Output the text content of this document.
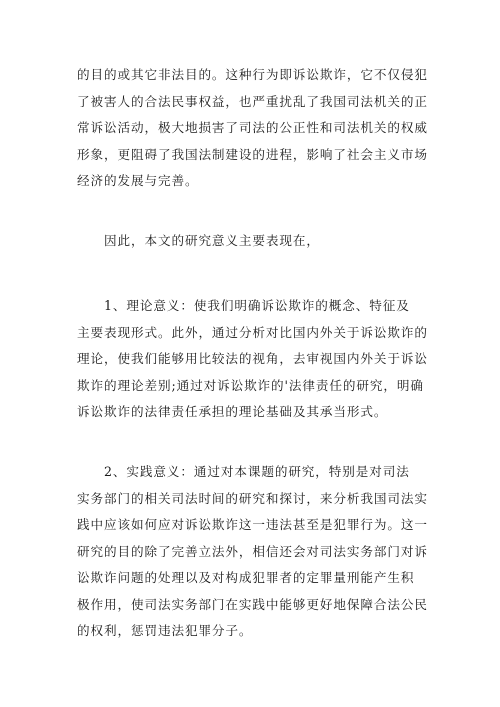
的目的或其它非法目的。这种行为即诉讼欺诈，它不仅侵犯
了被害人的合法民事权益，也严重扰乱了我国司法机关的正
常诉讼活动，极大地损害了司法的公正性和司法机关的权威
形象，更阻碍了我国法制建设的进程，影响了社会主义市场
经济的发展与完善。
　　因此，本文的研究意义主要表现在，
　　1、理论意义：使我们明确诉讼欺诈的概念、特征及
主要表现形式。此外，通过分析对比国内外关于诉讼欺诈的
理论，使我们能够用比较法的视角，去审视国内外关于诉讼
欺诈的理论差别;通过对诉讼欺诈的'法律责任的研究，明确
诉讼欺诈的法律责任承担的理论基础及其承当形式。
　　2、实践意义：通过对本课题的研究，特别是对司法
实务部门的相关司法时间的研究和探讨，来分析我国司法实
践中应该如何应对诉讼欺诈这一违法甚至是犯罪行为。这一
研究的目的除了完善立法外，相信还会对司法实务部门对诉
讼欺诈问题的处理以及对构成犯罪者的定罪量刑能产生积
极作用，使司法实务部门在实践中能够更好地保障合法公民
的权利，惩罚违法犯罪分子。
